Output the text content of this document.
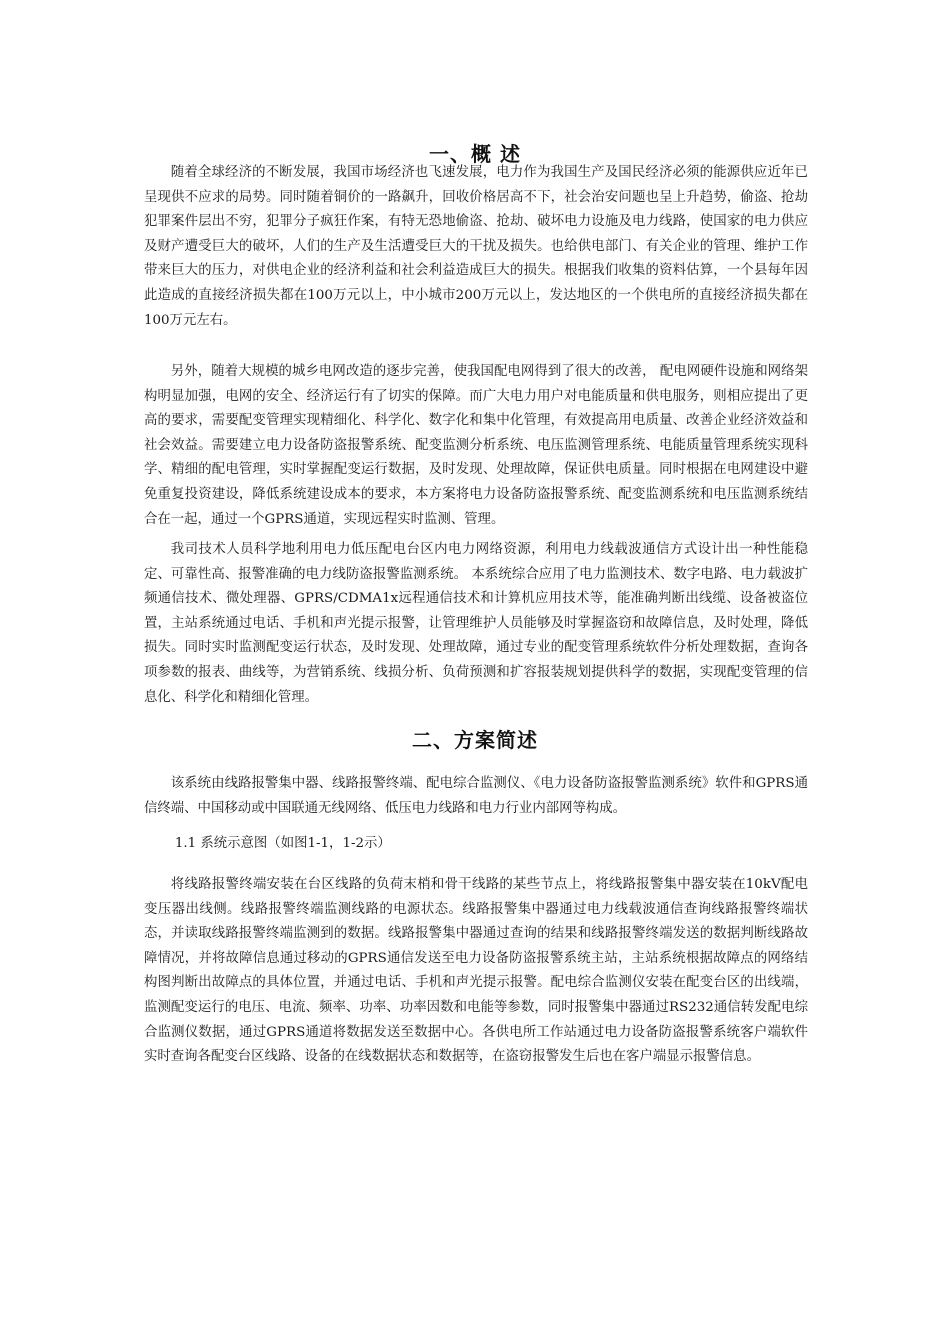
一、概 述

随着全球经济的不断发展，我国市场经济也飞速发展，电力作为我国生产及国民经济必须的能源供应近年已呈现供不应求的局势。同时随着铜价的一路飙升，回收价格居高不下，社会治安问题也呈上升趋势，偷盗、抢劫犯罪案件层出不穷，犯罪分子疯狂作案，有特无恐地偷盗、抢劫、破坏电力设施及电力线路，使国家的电力供应及财产遭受巨大的破坏，人们的生产及生活遭受巨大的干扰及损失。也给供电部门、有关企业的管理、维护工作带来巨大的压力，对供电企业的经济利益和社会利益造成巨大的损失。根据我们收集的资料估算，一个县每年因此造成的直接经济损失都在100万元以上，中小城市200万元以上，发达地区的一个供电所的直接经济损失都在100万元左右。

另外，随着大规模的城乡电网改造的逐步完善，使我国配电网得到了很大的改善， 配电网硬件设施和网络架构明显加强，电网的安全、经济运行有了切实的保障。而广大电力用户对电能质量和供电服务，则相应提出了更高的要求，需要配变管理实现精细化、科学化、数字化和集中化管理，有效提高用电质量、改善企业经济效益和社会效益。需要建立电力设备防盗报警系统、配变监测分析系统、电压监测管理系统、电能质量管理系统实现科学、精细的配电管理，实时掌握配变运行数据，及时发现、处理故障，保证供电质量。同时根据在电网建设中避免重复投资建设，降低系统建设成本的要求，本方案将电力设备防盗报警系统、配变监测系统和电压监测系统结合在一起，通过一个GPRS通道，实现远程实时监测、管理。

我司技术人员科学地利用电力低压配电台区内电力网络资源，利用电力线载波通信方式设计出一种性能稳定、可靠性高、报警准确的电力线防盗报警监测系统。 本系统综合应用了电力监测技术、数字电路、电力载波扩频通信技术、微处理器、GPRS/CDMA1x远程通信技术和计算机应用技术等，能准确判断出线缆、设备被盗位置，主站系统通过电话、手机和声光提示报警，让管理维护人员能够及时掌握盗窃和故障信息，及时处理，降低损失。同时实时监测配变运行状态，及时发现、处理故障，通过专业的配变管理系统软件分析处理数据，查询各项参数的报表、曲线等，为营销系统、线损分析、负荷预测和扩容报装规划提供科学的数据，实现配变管理的信息化、科学化和精细化管理。

二、方案简述

该系统由线路报警集中器、线路报警终端、配电综合监测仪、《电力设备防盗报警监测系统》软件和GPRS通信终端、中国移动或中国联通无线网络、低压电力线路和电力行业内部网等构成。

1.1 系统示意图（如图1-1，1-2示）

将线路报警终端安装在台区线路的负荷末梢和骨干线路的某些节点上，将线路报警集中器安装在10kV配电变压器出线侧。线路报警终端监测线路的电源状态。线路报警集中器通过电力线载波通信查询线路报警终端状态，并读取线路报警终端监测到的数据。线路报警集中器通过查询的结果和线路报警终端发送的数据判断线路故障情况，并将故障信息通过移动的GPRS通信发送至电力设备防盗报警系统主站，主站系统根据故障点的网络结构图判断出故障点的具体位置，并通过电话、手机和声光提示报警。配电综合监测仪安装在配变台区的出线端，监测配变运行的电压、电流、频率、功率、功率因数和电能等参数，同时报警集中器通过RS232通信转发配电综合监测仪数据，通过GPRS通道将数据发送至数据中心。各供电所工作站通过电力设备防盗报警系统客户端软件实时查询各配变台区线路、设备的在线数据状态和数据等，在盗窃报警发生后也在客户端显示报警信息。
